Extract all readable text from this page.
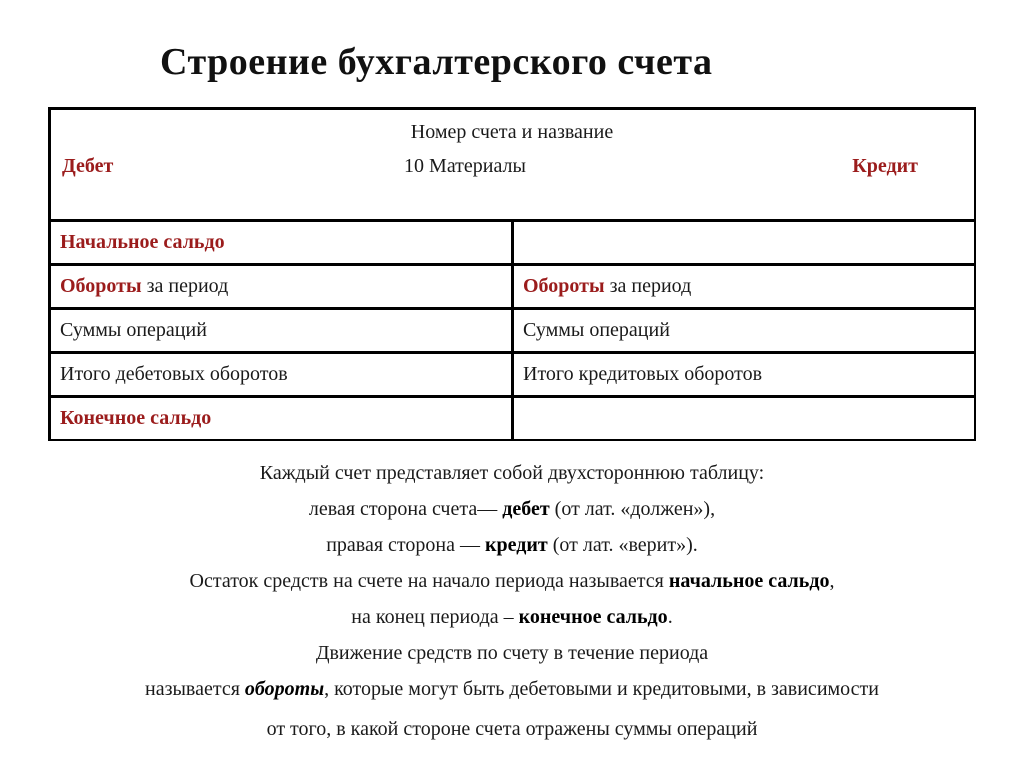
Строение бухгалтерского счета
Номер счета и название
Дебет 10 Материалы Кредит	

Начальное сальдо	
Обороты за период	Обороты за период
Суммы операций	Суммы операций
Итого дебетовых оборотов	Итого кредитовых оборотов
Конечное сальдо	
Каждый счет представляет собой двухстороннюю таблицу:
левая сторона счета— дебет (от лат. «должен»),
правая сторона — кредит (от лат. «верит»).
Остаток средств на счете на начало периода называется начальное сальдо,
на конец периода – конечное сальдо.
Движение средств по счету в течение периода
называется обороты, которые могут быть дебетовыми и кредитовыми, в зависимости
от того, в какой стороне счета отражены суммы операций
